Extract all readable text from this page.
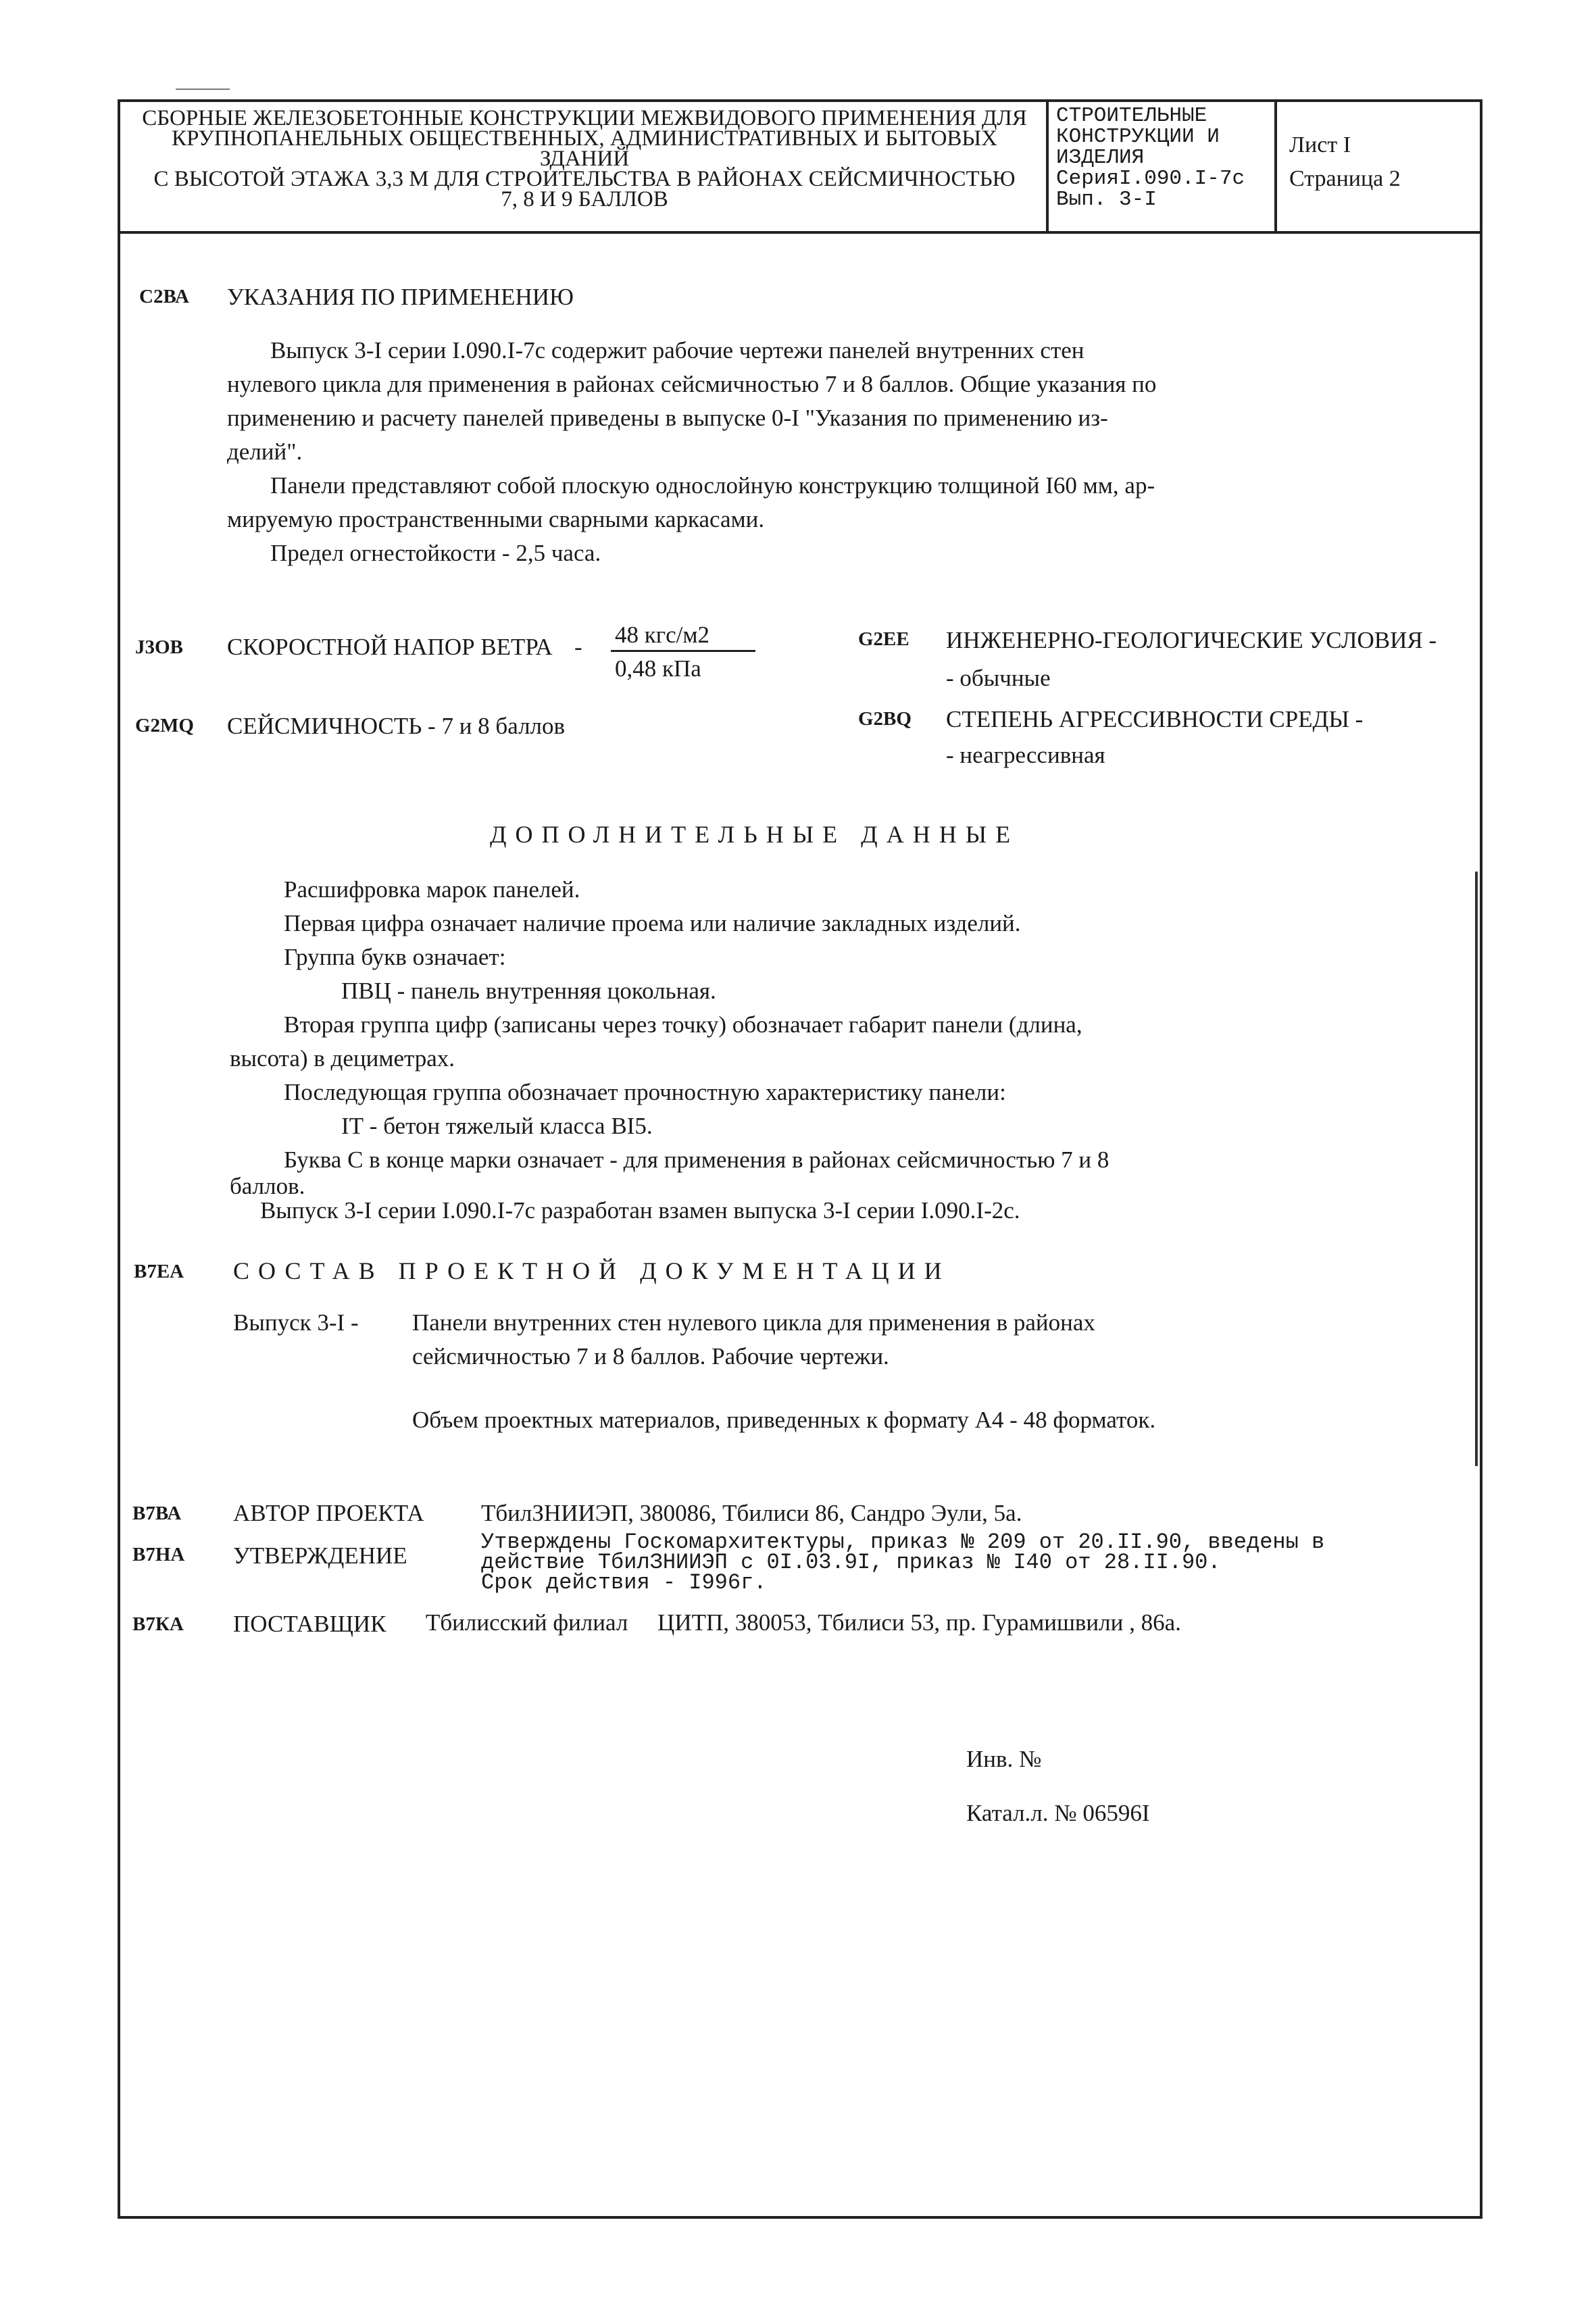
СБОРНЫЕ ЖЕЛЕЗОБЕТОННЫЕ КОНСТРУКЦИИ МЕЖВИДОВОГО ПРИМЕНЕНИЯ ДЛЯ
КРУПНОПАНЕЛЬНЫХ ОБЩЕСТВЕННЫХ, АДМИНИСТРАТИВНЫХ И БЫТОВЫХ ЗДАНИЙ
С ВЫСОТОЙ ЭТАЖА 3,3 М ДЛЯ СТРОИТЕЛЬСТВА В РАЙОНАХ СЕЙСМИЧНОСТЬЮ
7, 8 И 9 БАЛЛОВ
СТРОИТЕЛЬНЫЕ
КОНСТРУКЦИИ И
ИЗДЕЛИЯ
СерияI.090.I-7с
Вып. 3-I
Лист I
Страница 2
С2ВА УКАЗАНИЯ ПО ПРИМЕНЕНИЮ
Выпуск 3-I серии I.090.I-7с содержит рабочие чертежи панелей внутренних стен
нулевого цикла для применения в районах сейсмичностью 7 и 8 баллов. Общие указания по
применению и расчету панелей приведены в выпуске 0-I "Указания по применению из-
делий".
Панели представляют собой плоскую однослойную конструкцию толщиной I60 мм, ар-
мируемую пространственными сварными каркасами.
Предел огнестойкости - 2,5 часа.
J3OB СКОРОСТНОЙ НАПОР ВЕТРА - 48 кгс/м2
0,48 кПа
G2EE ИНЖЕНЕРНО-ГЕОЛОГИЧЕСКИЕ УСЛОВИЯ -
- обычные
G2MQ СЕЙСМИЧНОСТЬ - 7 и 8 баллов	G2BQ СТЕПЕНЬ АГРЕССИВНОСТИ СРЕДЫ -
- неагрессивная
ДОПОЛНИТЕЛЬНЫЕ ДАННЫЕ
Расшифровка марок панелей.
Первая цифра означает наличие проема или наличие закладных изделий.
Группа букв означает:
ПВЦ - панель внутренняя цокольная.
Вторая группа цифр (записаны через точку) обозначает габарит панели (длина,
высота) в дециметрах.
Последующая группа обозначает прочностную характеристику панели:
IТ - бетон тяжелый класса ВI5.
Буква С в конце марки означает - для применения в районах сейсмичностью 7 и 8
баллов.
Выпуск 3-I серии I.090.I-7с разработан взамен выпуска 3-I серии I.090.I-2с.
В7ЕА СОСТАВ ПРОЕКТНОЙ ДОКУМЕНТАЦИИ
Выпуск 3-I - Панели внутренних стен нулевого цикла для применения в районах
сейсмичностью 7 и 8 баллов. Рабочие чертежи.
Объем проектных материалов, приведенных к формату А4 - 48 форматок.
В7ВА АВТОР ПРОЕКТА ТбилЗНИИЭП, 380086, Тбилиси 86, Сандро Эули, 5а.
В7НА УТВЕРЖДЕНИЕ
Утверждены Госкомархитектуры, приказ № 209 от 20.II.90, введены в
действие ТбилЗНИИЭП с 0I.03.9I, приказ № I40 от 28.II.90.
Срок действия - I996г.
В7КА ПОСТАВЩИК Тбилисский филиал     ЦИТП, 380053, Тбилиси 53, пр. Гурамишвили , 86а.
Инв. №
Катал.л. № 06596I
